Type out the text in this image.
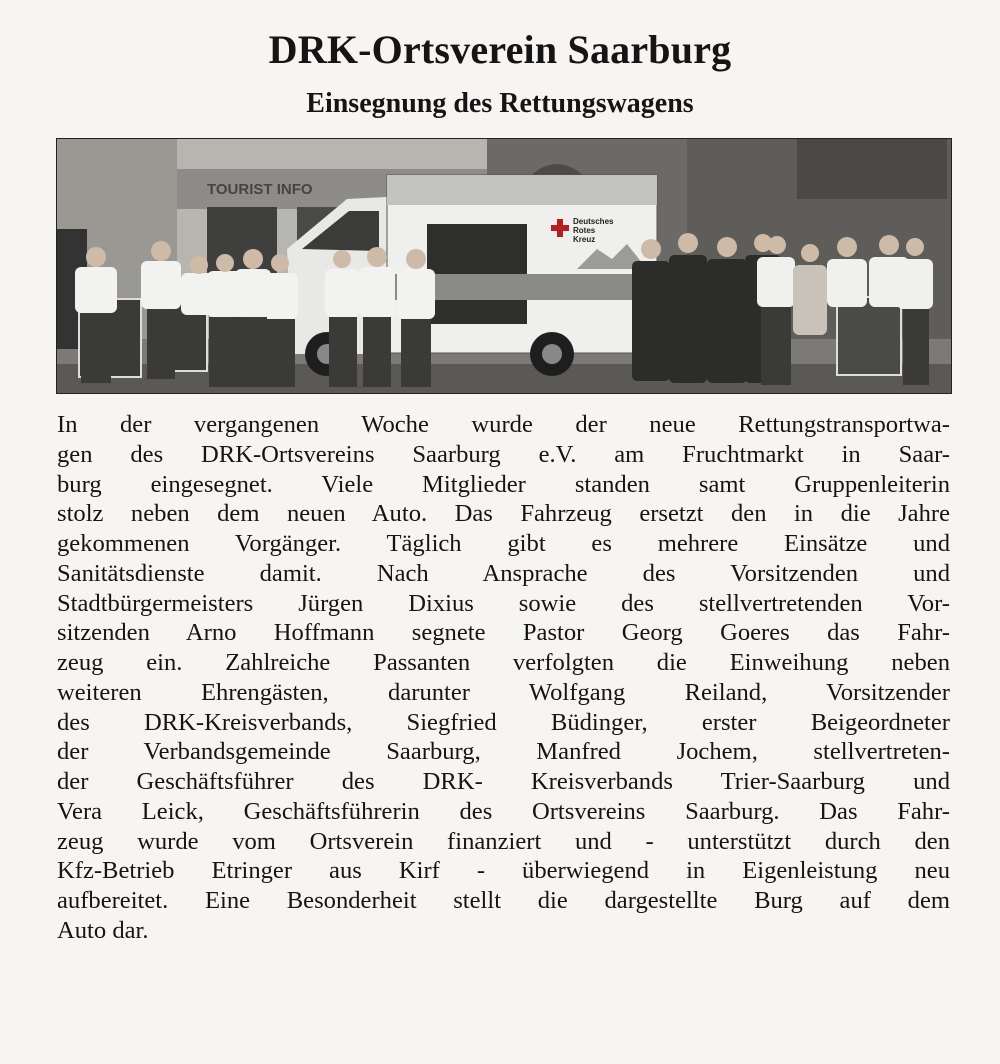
DRK-Ortsverein Saarburg
Einsegnung des Rettungswagens
TOURIST INFO
Deutsches
Rotes
Kreuz
In der vergangenen Woche wurde der neue Rettungstransportwa-
gen des DRK-Ortsvereins Saarburg e.V. am Fruchtmarkt in Saar-
burg eingesegnet. Viele Mitglieder standen samt Gruppenleiterin
stolz neben dem neuen Auto. Das Fahrzeug ersetzt den in die Jahre
gekommenen Vorgänger. Täglich gibt es mehrere Einsätze und
Sanitätsdienste damit. Nach Ansprache des Vorsitzenden und
Stadtbürgermeisters Jürgen Dixius sowie des stellvertretenden Vor-
sitzenden Arno Hoffmann segnete Pastor Georg Goeres das Fahr-
zeug ein. Zahlreiche Passanten verfolgten die Einweihung neben
weiteren Ehrengästen, darunter Wolfgang Reiland, Vorsitzender
des DRK-Kreisverbands, Siegfried Büdinger, erster Beigeordneter
der Verbandsgemeinde Saarburg, Manfred Jochem, stellvertreten-
der Geschäftsführer des DRK- Kreisverbands Trier-Saarburg und
Vera Leick, Geschäftsführerin des Ortsvereins Saarburg. Das Fahr-
zeug wurde vom Ortsverein finanziert und - unterstützt durch den
Kfz-Betrieb Etringer aus Kirf - überwiegend in Eigenleistung neu
aufbereitet. Eine Besonderheit stellt die dargestellte Burg auf dem
Auto dar.
